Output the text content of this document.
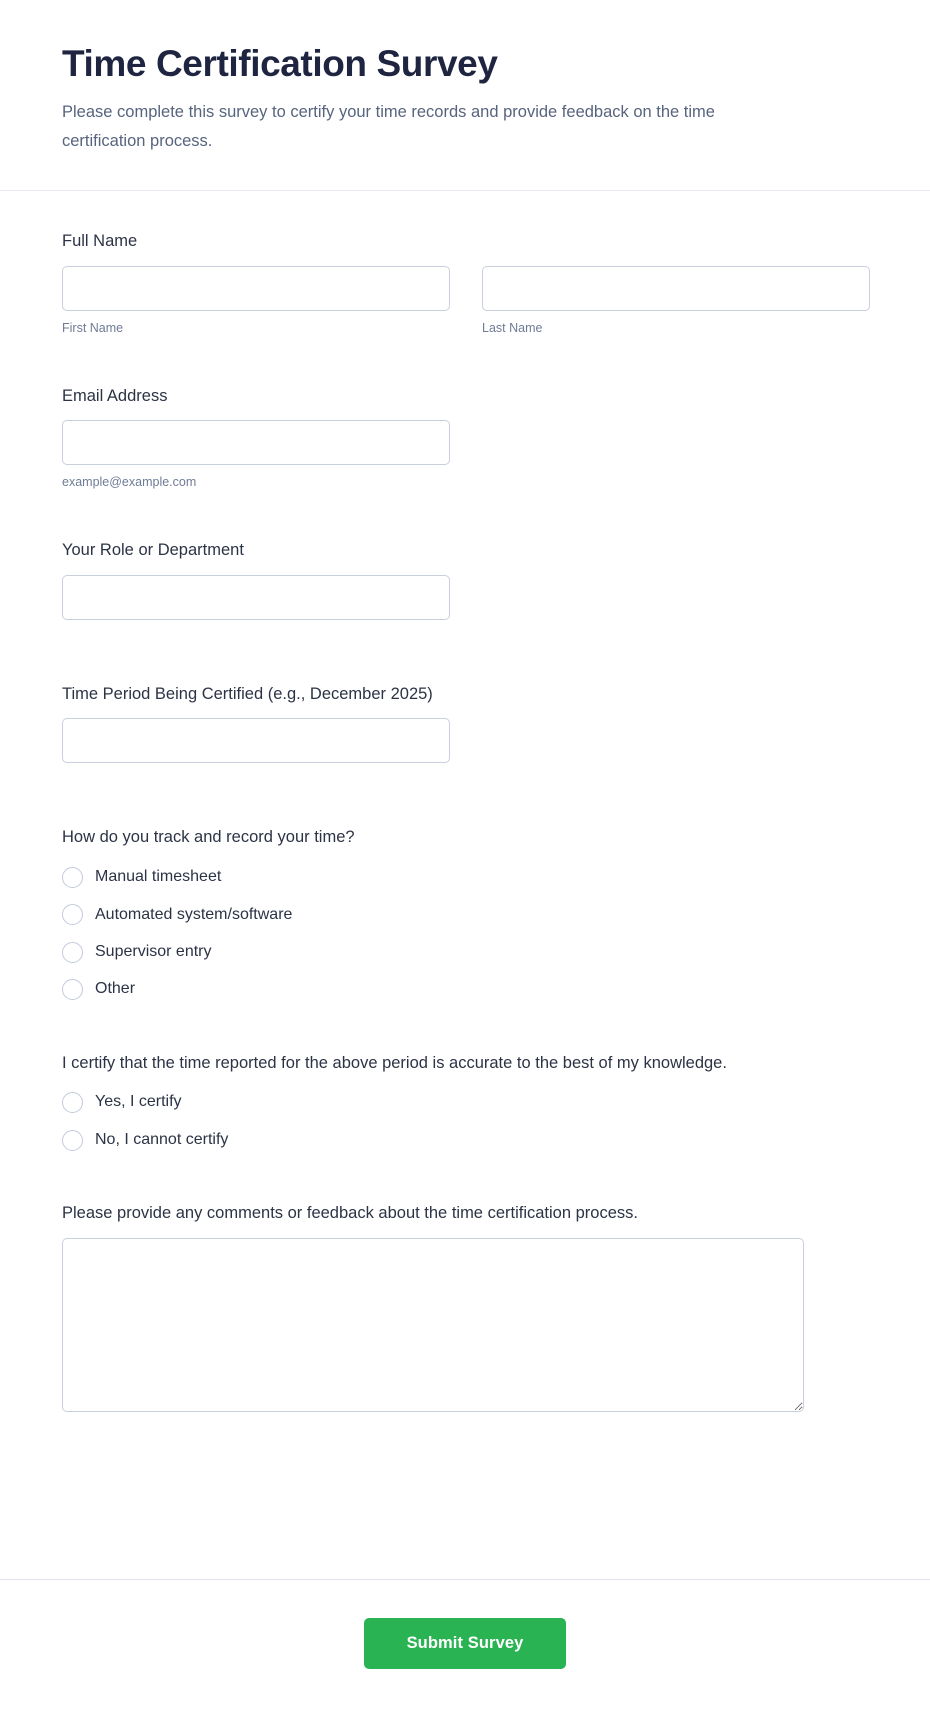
Time Certification Survey

Please complete this survey to certify your time records and provide feedback on the time certification process.

Full Name
First Name	Last Name
Email Address
example@example.com
Your Role or Department
Time Period Being Certified (e.g., December 2025)
How do you track and record your time?
Manual timesheet
Automated system/software
Supervisor entry
Other
I certify that the time reported for the above period is accurate to the best of my knowledge.
Yes, I certify
No, I cannot certify
Please provide any comments or feedback about the time certification process.
Submit Survey
